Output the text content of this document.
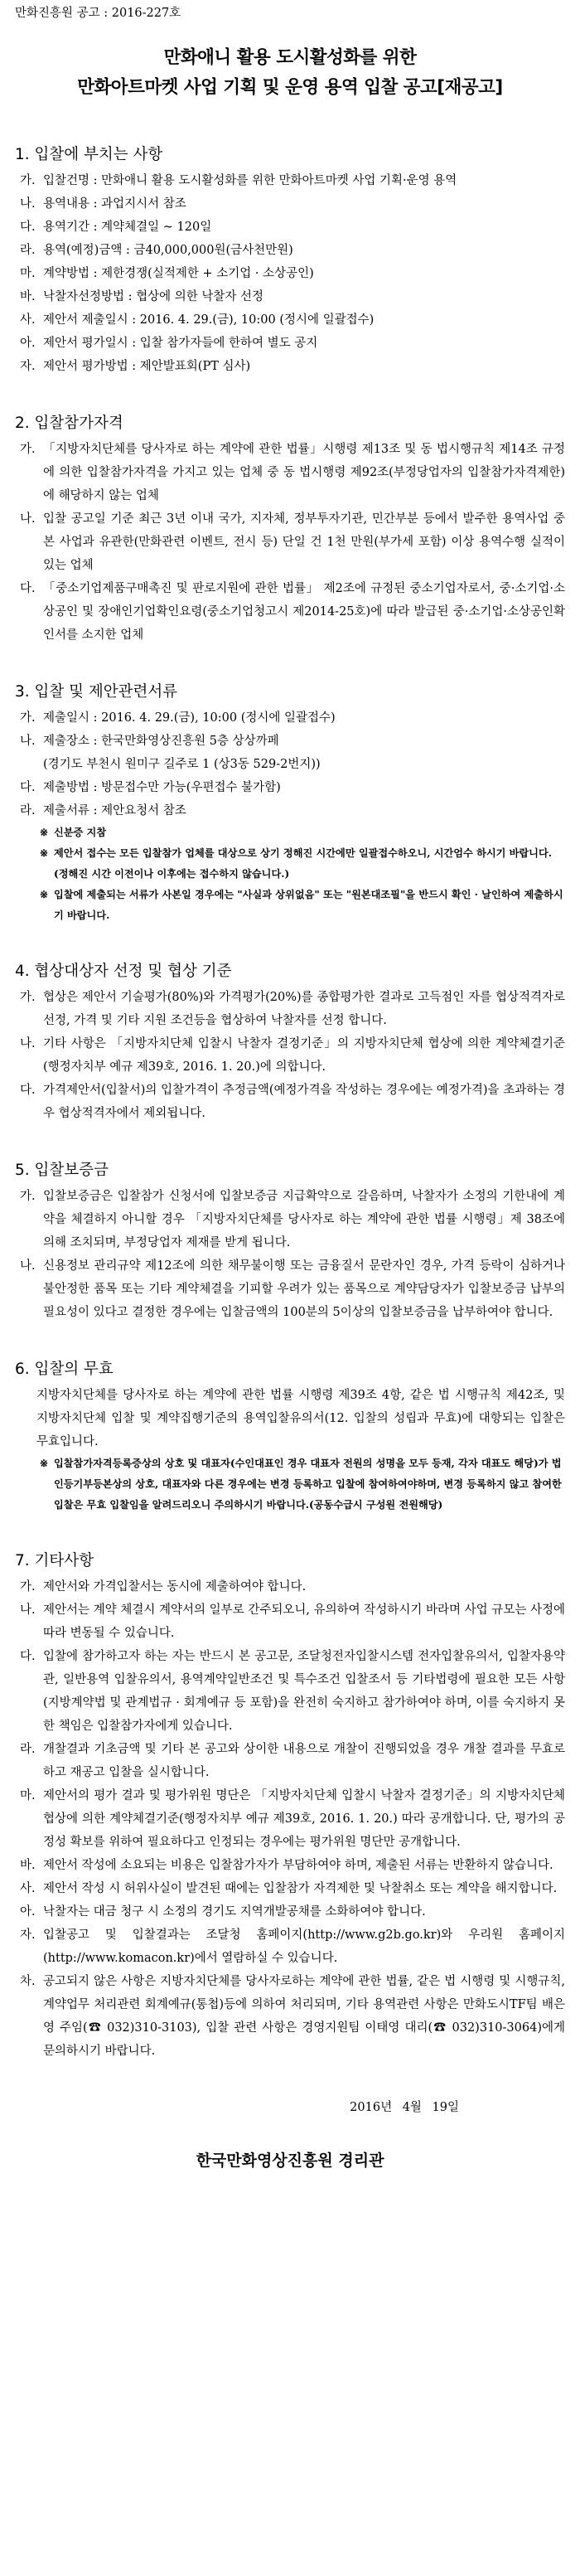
만화진흥원 공고 : 2016-227호
만화애니 활용 도시활성화를 위한
만화아트마켓 사업 기획 및 운영 용역 입찰 공고[재공고]
1. 입찰에 부치는 사항
가. 입찰건명 : 만화애니 활용 도시활성화를 위한 만화아트마켓 사업 기획·운영 용역
나. 용역내용 : 과업지시서 참조
다. 용역기간 : 계약체결일 ~ 120일
라. 용역(예정)금액 : 금40,000,000원(금사천만원)
마. 계약방법 : 제한경쟁(실적제한 + 소기업 · 소상공인)
바. 낙찰자선정방법 : 협상에 의한 낙찰자 선정
사. 제안서 제출일시 : 2016. 4. 29.(금), 10:00 (정시에 일괄접수)
아. 제안서 평가일시 : 입찰 참가자들에 한하여 별도 공지
자. 제안서 평가방법 : 제안발표회(PT 심사)
2. 입찰참가자격
가. 「지방자치단체를 당사자로 하는 계약에 관한 법률」시행령 제13조 및 동 법시행규칙 제14조 규정에 의한 입찰참가자격을 가지고 있는 업체 중 동 법시행령 제92조(부정당업자의 입찰참가자격제한)에 해당하지 않는 업체
나. 입찰 공고일 기준 최근 3년 이내 국가, 지자체, 정부투자기관, 민간부분 등에서 발주한 용역사업 중 본 사업과 유관한(만화관련 이벤트, 전시 등) 단일 건 1천 만원(부가세 포함) 이상 용역수행 실적이 있는 업체
다. 「중소기업제품구매촉진 및 판로지원에 관한 법률」 제2조에 규정된 중소기업자로서, 중·소기업·소상공인 및 장애인기업확인요령(중소기업청고시 제2014-25호)에 따라 발급된 중·소기업·소상공인확인서를 소지한 업체
3. 입찰 및 제안관련서류
가. 제출일시 : 2016. 4. 29.(금), 10:00 (정시에 일괄접수)
나. 제출장소 : 한국만화영상진흥원 5층 상상까페
(경기도 부천시 원미구 길주로 1 (상3동 529-2번지))
다. 제출방법 : 방문접수만 가능(우편접수 불가함)
라. 제출서류 : 제안요청서 참조
※ 신분증 지참
※ 제안서 접수는 모든 입찰참가 업체를 대상으로 상기 정해진 시간에만 일괄접수하오니, 시간엄수 하시기 바랍니다.(정해진 시간 이전이나 이후에는 접수하지 않습니다.)
※ 입찰에 제출되는 서류가 사본일 경우에는 "사실과 상위없음" 또는 "원본대조필"을 반드시 확인 · 날인하여 제출하시기 바랍니다.
4. 협상대상자 선정 및 협상 기준
가. 협상은 제안서 기술평가(80%)와 가격평가(20%)를 종합평가한 결과로 고득점인 자를 협상적격자로 선정, 가격 및 기타 지원 조건등을 협상하여 낙찰자를 선정 합니다.
나. 기타 사항은 「지방자치단체 입찰시 낙찰자 결정기준」의 지방자치단체 협상에 의한 계약체결기준(행정자치부 예규 제39호, 2016. 1. 20.)에 의합니다.
다. 가격제안서(입찰서)의 입찰가격이 추정금액(예정가격을 작성하는 경우에는 예정가격)을 초과하는 경우 협상적격자에서 제외됩니다.
5. 입찰보증금
가. 입찰보증금은 입찰참가 신청서에 입찰보증금 지급확약으로 갈음하며, 낙찰자가 소정의 기한내에 계약을 체결하지 아니할 경우 「지방자치단체를 당사자로 하는 계약에 관한 법률 시행령」제 38조에 의해 조치되며, 부정당업자 제재를 받게 됩니다.
나. 신용정보 관리규약 제12조에 의한 채무불이행 또는 금융질서 문란자인 경우, 가격 등락이 심하거나 불안정한 품목 또는 기타 계약체결을 기피할 우려가 있는 품목으로 계약담당자가 입찰보증금 납부의 필요성이 있다고 결정한 경우에는 입찰금액의 100분의 5이상의 입찰보증금을 납부하여야 합니다.
6. 입찰의 무효
지방자치단체를 당사자로 하는 계약에 관한 법률 시행령 제39조 4항, 같은 법 시행규칙 제42조, 및 지방자치단체 입찰 및 계약집행기준의 용역입찰유의서(12. 입찰의 성립과 무효)에 대항되는 입찰은 무효입니다.
※ 입찰참가자격등록증상의 상호 및 대표자(수인대표인 경우 대표자 전원의 성명을 모두 등재, 각자 대표도 해당)가 법인등기부등본상의 상호, 대표자와 다른 경우에는 변경 등록하고 입찰에 참여하여야하며, 변경 등록하지 않고 참여한 입찰은 무효 입찰임을 알려드리오니 주의하시기 바랍니다.(공동수급시 구성원 전원해당)
7. 기타사항
가. 제안서와 가격입찰서는 동시에 제출하여야 합니다.
나. 제안서는 계약 체결시 계약서의 일부로 간주되오니, 유의하여 작성하시기 바라며 사업 규모는 사정에 따라 변동될 수 있습니다.
다. 입찰에 참가하고자 하는 자는 반드시 본 공고문, 조달청전자입찰시스템 전자입찰유의서, 입찰자용약관, 일반용역 입찰유의서, 용역계약일반조건 및 특수조건 입찰조서 등 기타법령에 필요한 모든 사항(지방계약법 및 관계법규 · 회계예규 등 포함)을 완전히 숙지하고 참가하여야 하며, 이를 숙지하지 못한 책임은 입찰참가자에게 있습니다.
라. 개찰결과 기초금액 및 기타 본 공고와 상이한 내용으로 개찰이 진행되었을 경우 개찰 결과를 무효로 하고 재공고 입찰을 실시합니다.
마. 제안서의 평가 결과 및 평가위원 명단은 「지방자치단체 입찰시 낙찰자 결정기준」의 지방자치단체 협상에 의한 계약체결기준(행정자치부 예규 제39호, 2016. 1. 20.) 따라 공개합니다. 단, 평가의 공정성 확보를 위하여 필요하다고 인정되는 경우에는 평가위원 명단만 공개합니다.
바. 제안서 작성에 소요되는 비용은 입찰참가자가 부담하여야 하며, 제출된 서류는 반환하지 않습니다.
사. 제안서 작성 시 허위사실이 발견된 때에는 입찰참가 자격제한 및 낙찰취소 또는 계약을 해지합니다.
아. 낙찰자는 대금 청구 시 소정의 경기도 지역개발공채를 소화하여야 합니다.
자. 입찰공고 및 입찰결과는 조달청 홈페이지(http://www.g2b.go.kr)와 우리원 홈페이지(http://www.komacon.kr)에서 열람하실 수 있습니다.
차. 공고되지 않은 사항은 지방자치단체를 당사자로하는 계약에 관한 법률, 같은 법 시행령 및 시행규칙, 계약업무 처리관련 회계예규(통첩)등에 의하여 처리되며, 기타 용역관련 사항은 만화도시TF팀 배은영 주임(☎ 032)310-3103), 입찰 관련 사항은 경영지원팀 이태영 대리(☎ 032)310-3064)에게 문의하시기 바랍니다.
2016년 4월 19일
한국만화영상진흥원 경리관
